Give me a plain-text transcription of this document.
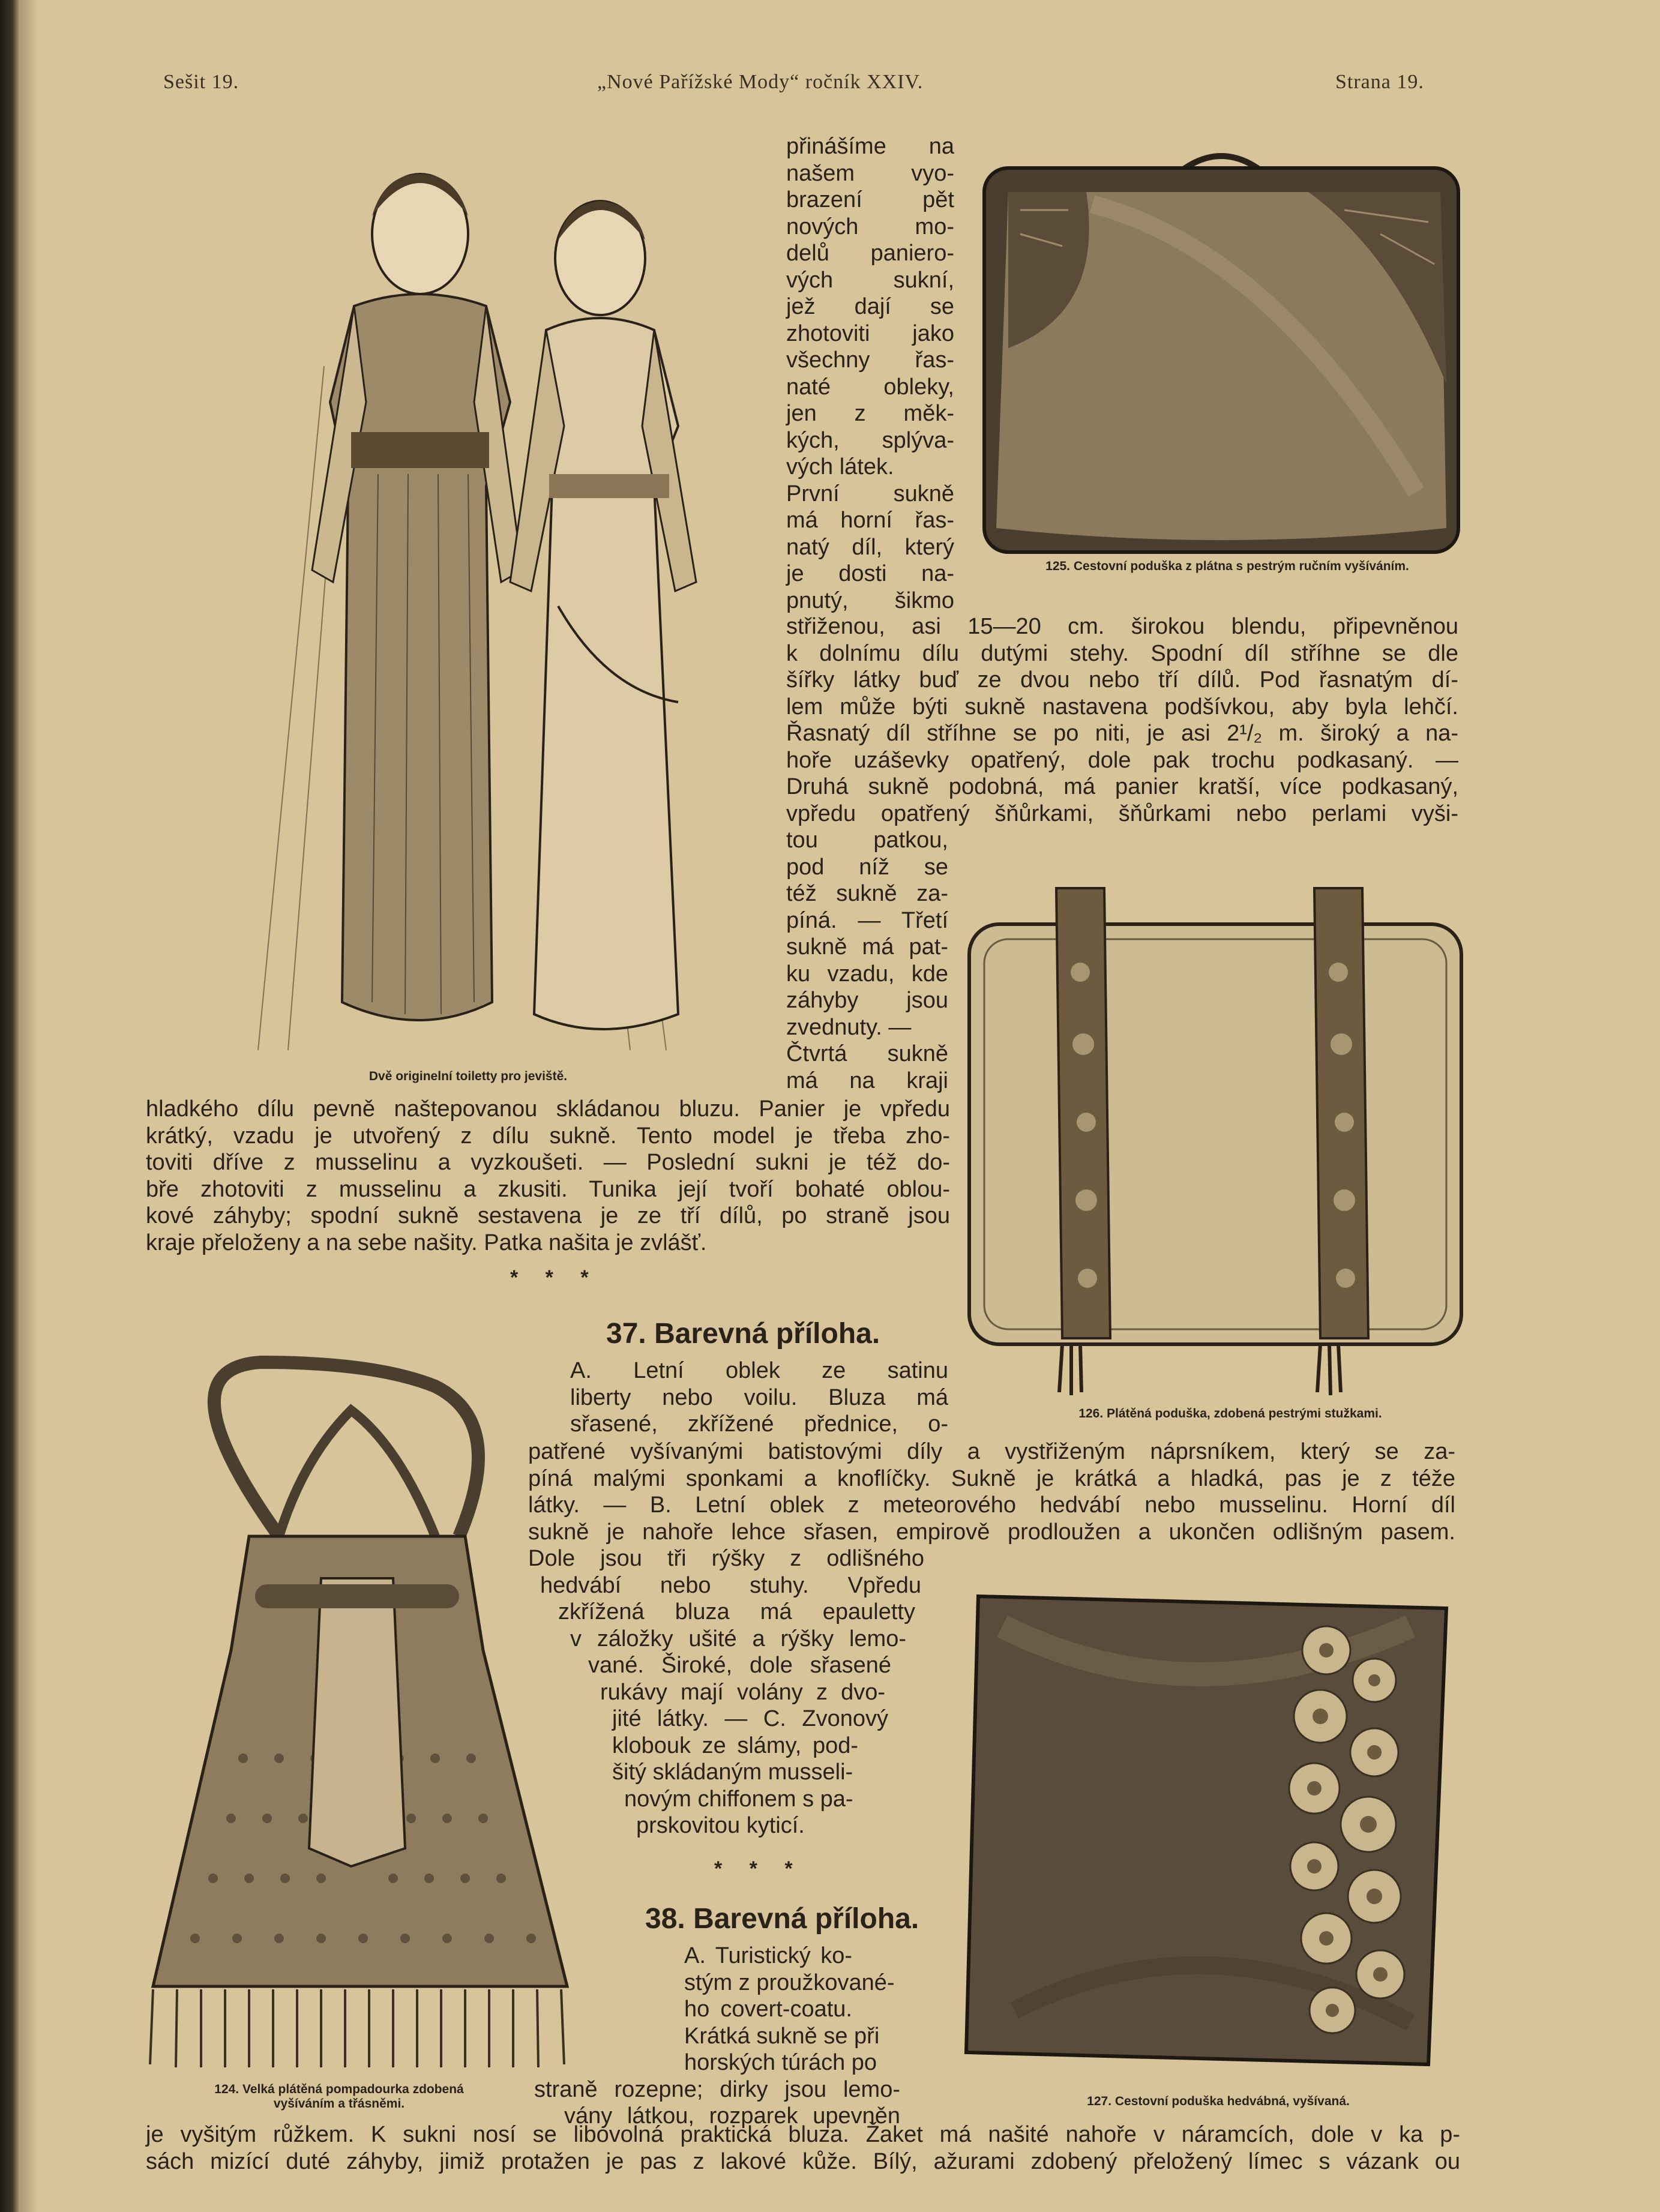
Sešit 19.	„Nové Pařížské Mody“ ročník XXIV.	Strana 19.
Dvě originelní toiletty pro jeviště.
přinášíme na
našem vyo-
brazení pět
nových mo-
delů paniero-
vých sukní,
jež dají se
zhotoviti jako
všechny řas-
naté obleky,
jen z měk-
kých, splýva-
vých látek.
První sukně
má horní řas-
natý díl, který
je dosti na-
pnutý, šikmo
125. Cestovní poduška z plátna s pestrým ručním vyšíváním.
střiženou, asi 15—20 cm. širokou blendu, připevněnou
k dolnímu dílu dutými stehy. Spodní díl stříhne se dle
šířky látky buď ze dvou nebo tří dílů. Pod řasnatým dí-
lem může býti sukně nastavena podšívkou, aby byla lehčí.
Řasnatý díl stříhne se po niti, je asi 2¹/₂ m. široký a na-
hoře uzáševky opatřený, dole pak trochu podkasaný. —
Druhá sukně podobná, má panier kratší, více podkasaný,
vpředu opatřený šňůrkami, šňůrkami nebo perlami vyši-
tou patkou,
pod níž se
též sukně za-
píná. — Třetí
sukně má pat-
ku vzadu, kde
záhyby jsou
zvednuty. —
Čtvrtá sukně
má na kraji
126. Plátěná poduška, zdobená pestrými stužkami.
hladkého dílu pevně naštepovanou skládanou bluzu. Panier je vpředu
krátký, vzadu je utvořený z dílu sukně. Tento model je třeba zho-
toviti dříve z musselinu a vyzkoušeti. — Poslední sukni je též do-
bře zhotoviti z musselinu a zkusiti. Tunika její tvoří bohaté oblou-
kové záhyby; spodní sukně sestavena je ze tří dílů, po straně jsou
kraje přeloženy a na sebe našity. Patka našita je zvlášť.
* * *
124. Velká plátěná pompadourka zdobená
vyšíváním a třásněmi.
37. Barevná příloha.
A. Letní oblek ze satinu
liberty nebo voilu. Bluza má
sřasené, zkřížené přednice, o-
patřené vyšívanými batistovými díly a vystřiženým náprsníkem, který se za-
píná malými sponkami a knoflíčky. Sukně je krátká a hladká, pas je z téže
látky. — B. Letní oblek z meteorového hedvábí nebo musselinu. Horní díl
sukně je nahoře lehce sřasen, empirově prodloužen a ukončen odlišným pasem.
Dole jsou tři rýšky z odlišného
hedvábí nebo stuhy. Vpředu
zkřížená bluza má epauletty
v záložky ušité a rýšky lemo-
vané. Široké, dole sřasené
rukávy mají volány z dvo-
jité látky. — C. Zvonový
klobouk ze slámy, pod-
šitý skládaným musseli-
novým chiffonem s pa-
prskovitou kyticí.
* * *
127. Cestovní poduška hedvábná, vyšívaná.
38. Barevná příloha.
A. Turistický ko-
stým z proužkované-
ho covert-coatu.
Krátká sukně se při
horských túrách po
straně rozepne; dirky jsou lemo-
vány látkou, rozparek upevněn
je vyšitým růžkem. K sukni nosí se libovolná praktická bluza. Žaket má našité nahoře v náramcích, dole v ka p-
sách mizící duté záhyby, jimiž protažen je pas z lakové kůže. Bílý, ažurami zdobený přeložený límec s vázank ou
